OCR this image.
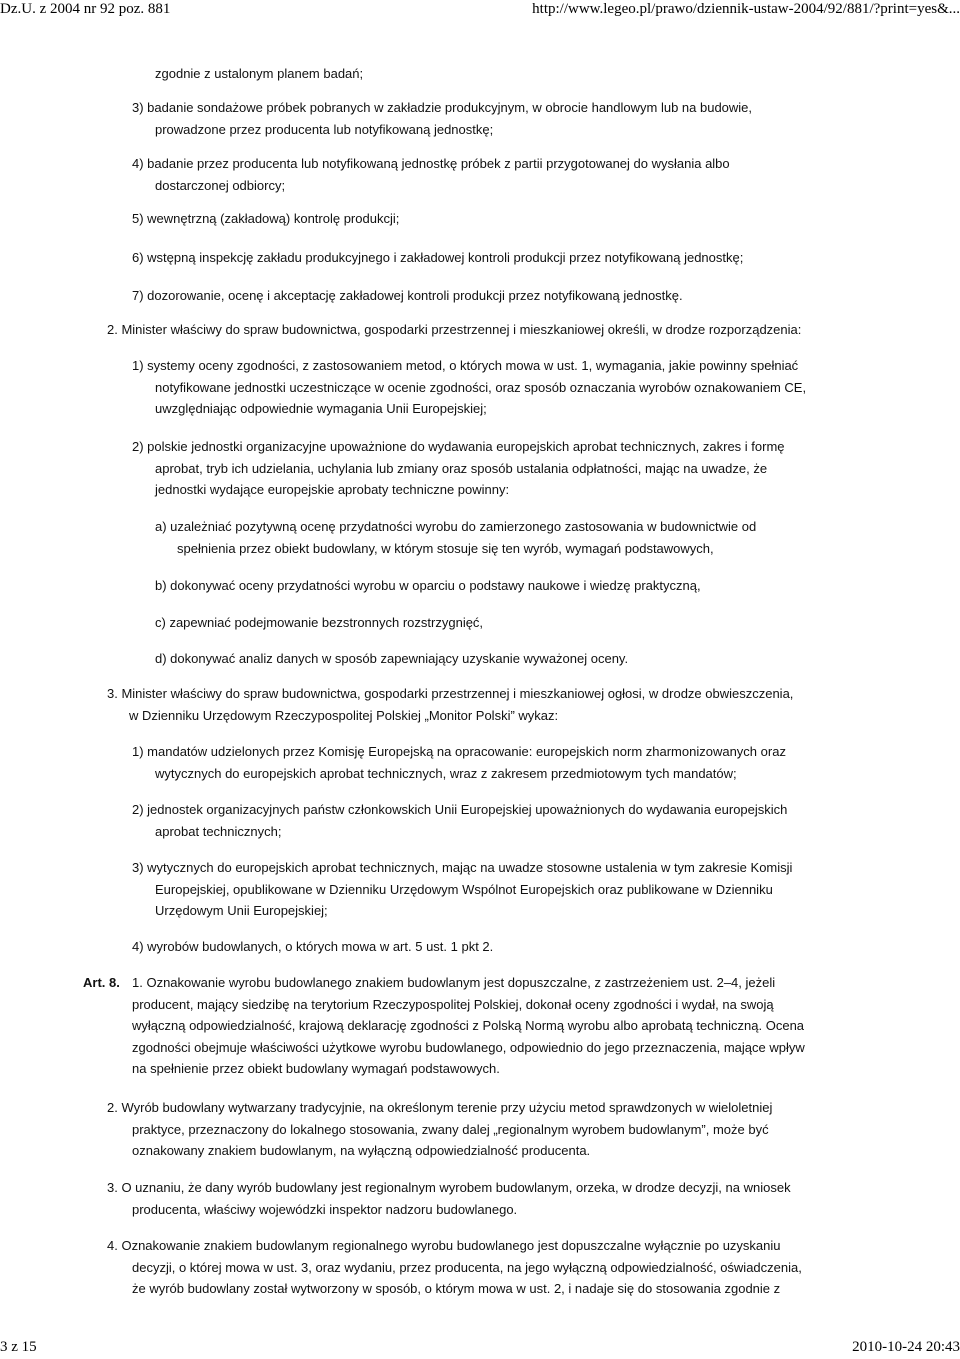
Dz.U. z 2004 nr 92 poz. 881	http://www.legeo.pl/prawo/dziennik-ustaw-2004/92/881/?print=yes&...
zgodnie z ustalonym planem badań;
3) badanie sondażowe próbek pobranych w zakładzie produkcyjnym, w obrocie handlowym lub na budowie,
prowadzone przez producenta lub notyfikowaną jednostkę;
4) badanie przez producenta lub notyfikowaną jednostkę próbek z partii przygotowanej do wysłania albo
dostarczonej odbiorcy;
5) wewnętrzną (zakładową) kontrolę produkcji;
6) wstępną inspekcję zakładu produkcyjnego i zakładowej kontroli produkcji przez notyfikowaną jednostkę;
7) dozorowanie, ocenę i akceptację zakładowej kontroli produkcji przez notyfikowaną jednostkę.
2. Minister właściwy do spraw budownictwa, gospodarki przestrzennej i mieszkaniowej określi, w drodze rozporządzenia:
1) systemy oceny zgodności, z zastosowaniem metod, o których mowa w ust. 1, wymagania, jakie powinny spełniać
notyfikowane jednostki uczestniczące w ocenie zgodności, oraz sposób oznaczania wyrobów oznakowaniem CE,
uwzględniając odpowiednie wymagania Unii Europejskiej;
2) polskie jednostki organizacyjne upoważnione do wydawania europejskich aprobat technicznych, zakres i formę
aprobat, tryb ich udzielania, uchylania lub zmiany oraz sposób ustalania odpłatności, mając na uwadze, że
jednostki wydające europejskie aprobaty techniczne powinny:
a) uzależniać pozytywną ocenę przydatności wyrobu do zamierzonego zastosowania w budownictwie od
spełnienia przez obiekt budowlany, w którym stosuje się ten wyrób, wymagań podstawowych,
b) dokonywać oceny przydatności wyrobu w oparciu o podstawy naukowe i wiedzę praktyczną,
c) zapewniać podejmowanie bezstronnych rozstrzygnięć,
d) dokonywać analiz danych w sposób zapewniający uzyskanie wyważonej oceny.
3. Minister właściwy do spraw budownictwa, gospodarki przestrzennej i mieszkaniowej ogłosi, w drodze obwieszczenia,
w Dzienniku Urzędowym Rzeczypospolitej Polskiej „Monitor Polski” wykaz:
1) mandatów udzielonych przez Komisję Europejską na opracowanie: europejskich norm zharmonizowanych oraz
wytycznych do europejskich aprobat technicznych, wraz z zakresem przedmiotowym tych mandatów;
2) jednostek organizacyjnych państw członkowskich Unii Europejskiej upoważnionych do wydawania europejskich
aprobat technicznych;
3) wytycznych do europejskich aprobat technicznych, mając na uwadze stosowne ustalenia w tym zakresie Komisji
Europejskiej, opublikowane w Dzienniku Urzędowym Wspólnot Europejskich oraz publikowane w Dzienniku
Urzędowym Unii Europejskiej;
4) wyrobów budowlanych, o których mowa w art. 5 ust. 1 pkt 2.
Art. 8. 1. Oznakowanie wyrobu budowlanego znakiem budowlanym jest dopuszczalne, z zastrzeżeniem ust. 2–4, jeżeli
producent, mający siedzibę na terytorium Rzeczypospolitej Polskiej, dokonał oceny zgodności i wydał, na swoją
wyłączną odpowiedzialność, krajową deklarację zgodności z Polską Normą wyrobu albo aprobatą techniczną. Ocena
zgodności obejmuje właściwości użytkowe wyrobu budowlanego, odpowiednio do jego przeznaczenia, mające wpływ
na spełnienie przez obiekt budowlany wymagań podstawowych.
2. Wyrób budowlany wytwarzany tradycyjnie, na określonym terenie przy użyciu metod sprawdzonych w wieloletniej
praktyce, przeznaczony do lokalnego stosowania, zwany dalej „regionalnym wyrobem budowlanym”, może być
oznakowany znakiem budowlanym, na wyłączną odpowiedzialność producenta.
3. O uznaniu, że dany wyrób budowlany jest regionalnym wyrobem budowlanym, orzeka, w drodze decyzji, na wniosek
producenta, właściwy wojewódzki inspektor nadzoru budowlanego.
4. Oznakowanie znakiem budowlanym regionalnego wyrobu budowlanego jest dopuszczalne wyłącznie po uzyskaniu
decyzji, o której mowa w ust. 3, oraz wydaniu, przez producenta, na jego wyłączną odpowiedzialność, oświadczenia,
że wyrób budowlany został wytworzony w sposób, o którym mowa w ust. 2, i nadaje się do stosowania zgodnie z
3 z 15	2010-10-24 20:43
